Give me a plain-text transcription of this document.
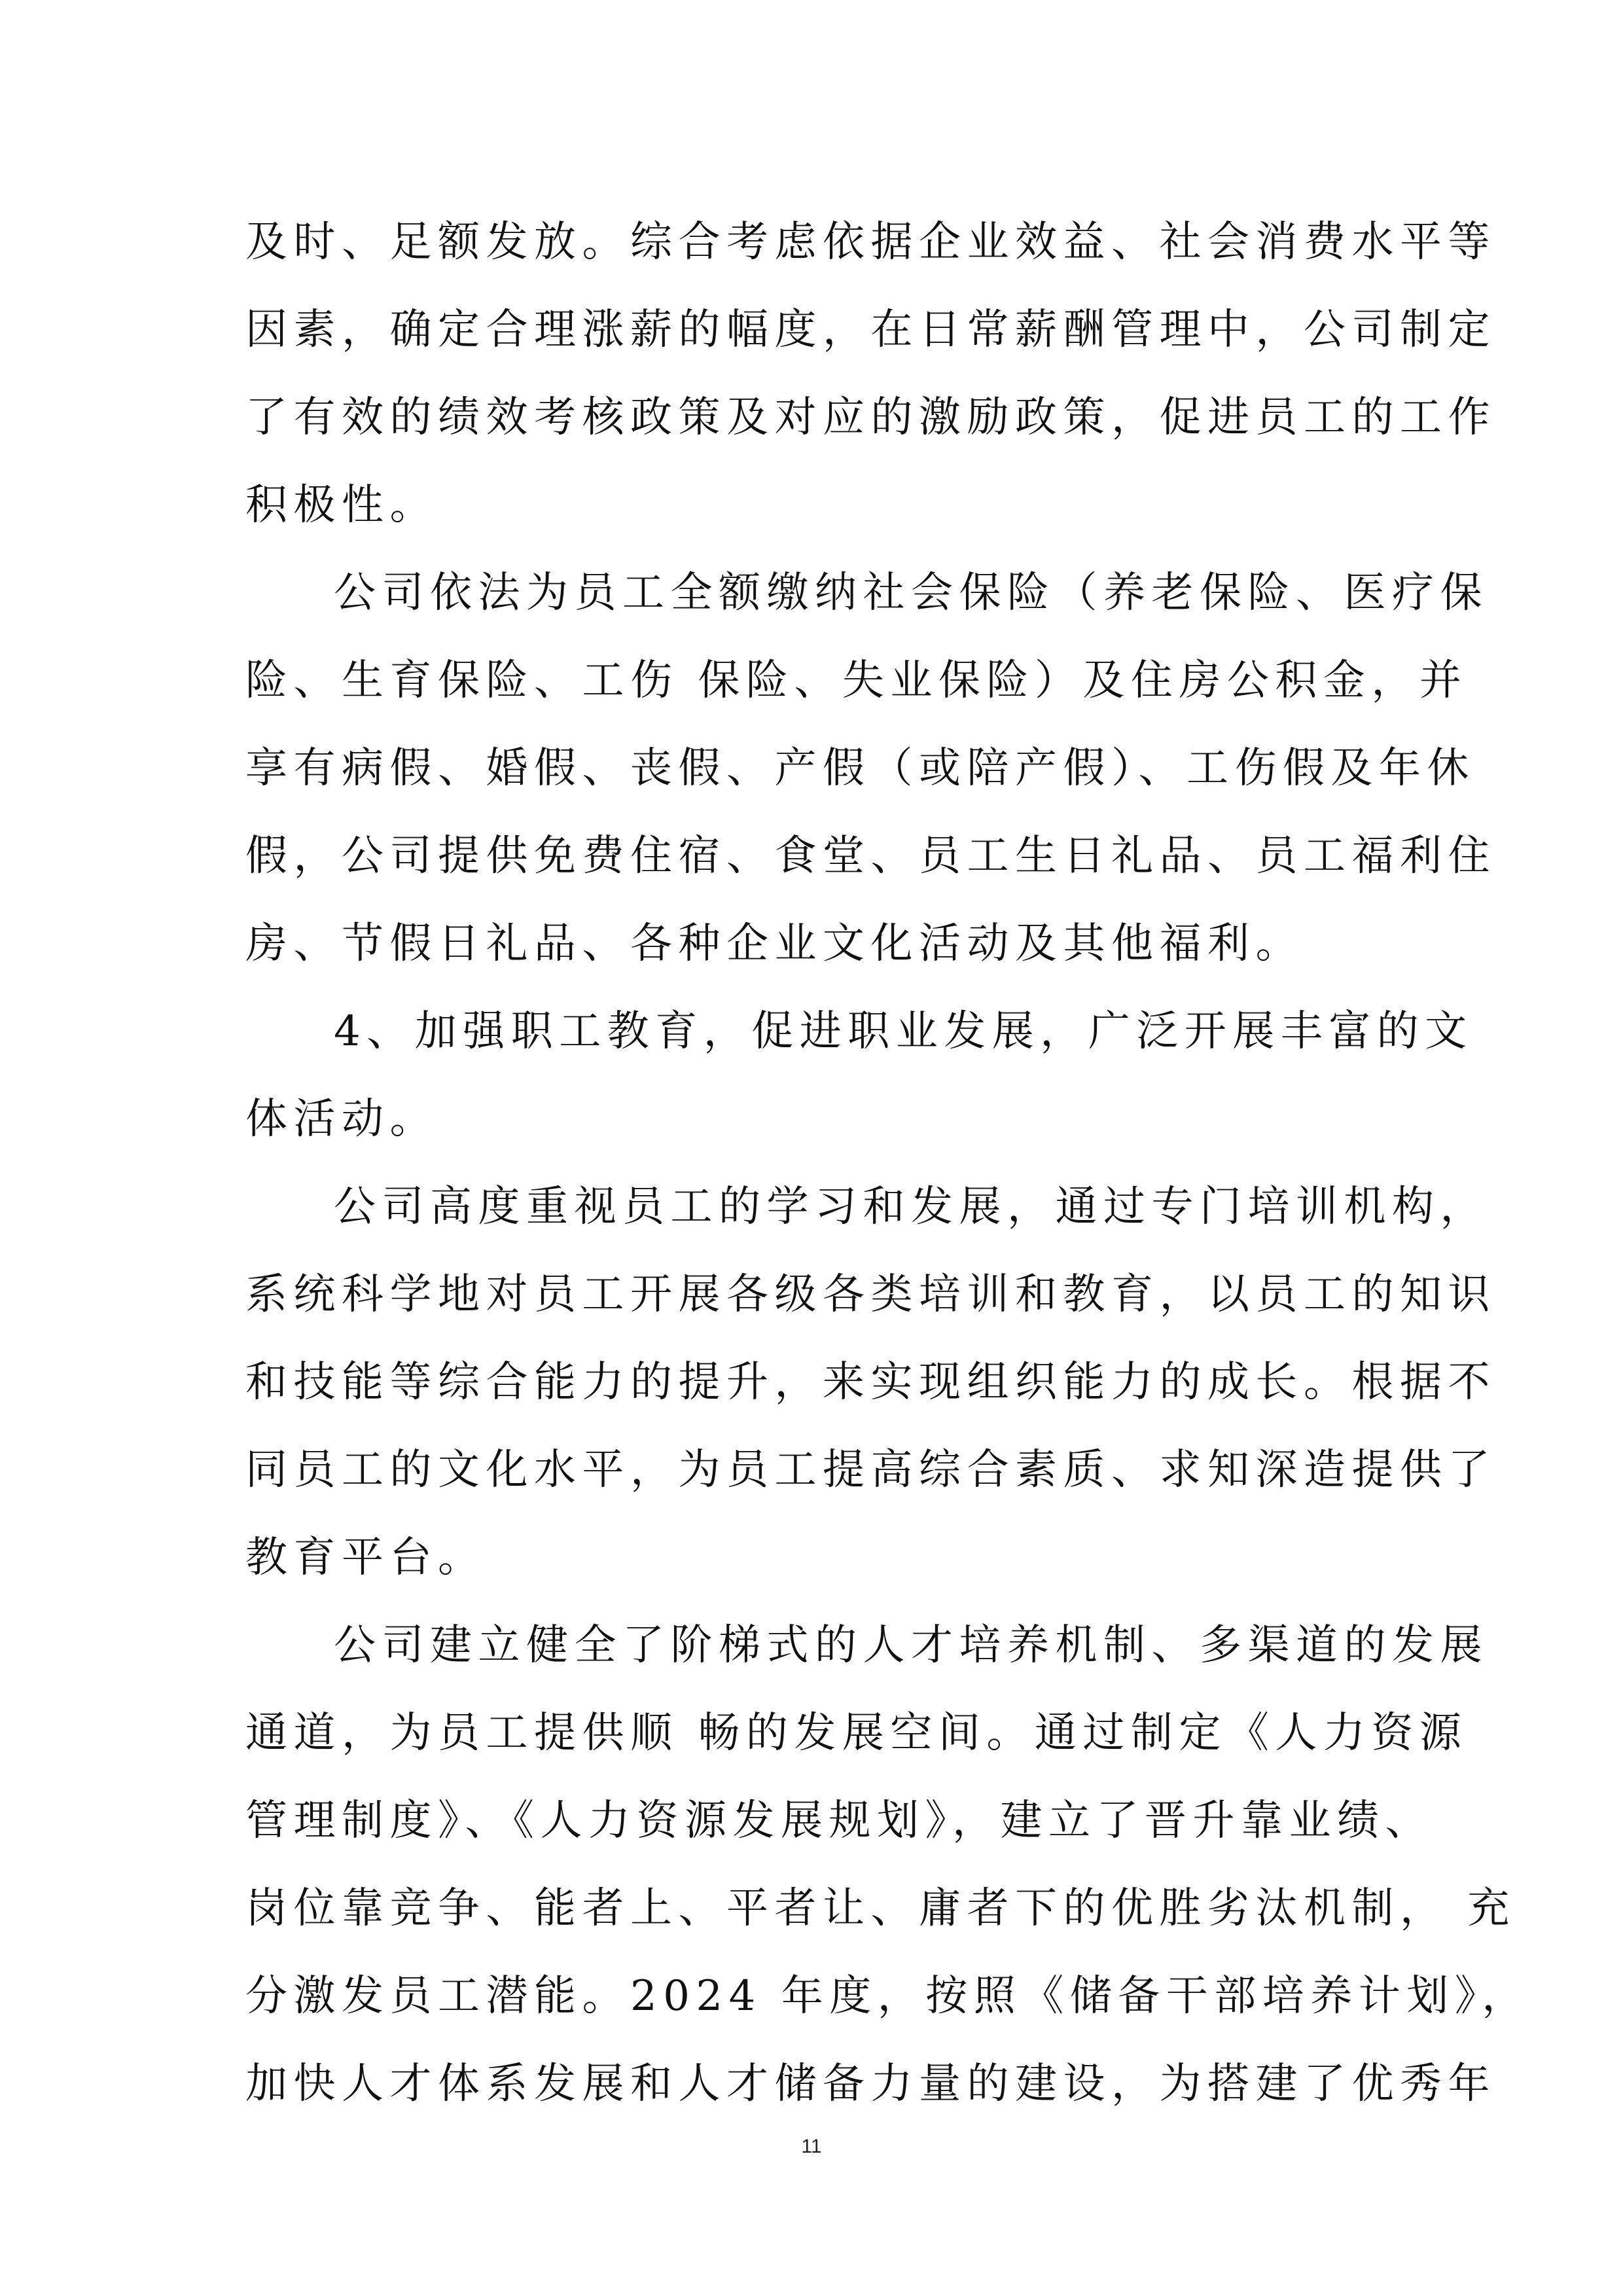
及时、足额发放。综合考虑依据企业效益、社会消费水平等
因素，确定合理涨薪的幅度，在日常薪酬管理中，公司制定
了有效的绩效考核政策及对应的激励政策，促进员工的工作
积极性。
公司依法为员工全额缴纳社会保险（养老保险、医疗保
险、生育保险、工伤 保险、失业保险）及住房公积金，并
享有病假、婚假、丧假、产假（或陪产假）、工伤假及年休
假，公司提供免费住宿、食堂、员工生日礼品、员工福利住
房、节假日礼品、各种企业文化活动及其他福利。
4、加强职工教育，促进职业发展，广泛开展丰富的文
体活动。
公司高度重视员工的学习和发展，通过专门培训机构，
系统科学地对员工开展各级各类培训和教育，以员工的知识
和技能等综合能力的提升，来实现组织能力的成长。根据不
同员工的文化水平，为员工提高综合素质、求知深造提供了
教育平台。
公司建立健全了阶梯式的人才培养机制、多渠道的发展
通道，为员工提供顺 畅的发展空间。通过制定《人力资源
管理制度》、《人力资源发展规划》，建立了晋升靠业绩、
岗位靠竞争、能者上、平者让、庸者下的优胜劣汰机制， 充
分激发员工潜能。2024 年度，按照《储备干部培养计划》，
11
加快人才体系发展和人才储备力量的建设，为搭建了优秀年
